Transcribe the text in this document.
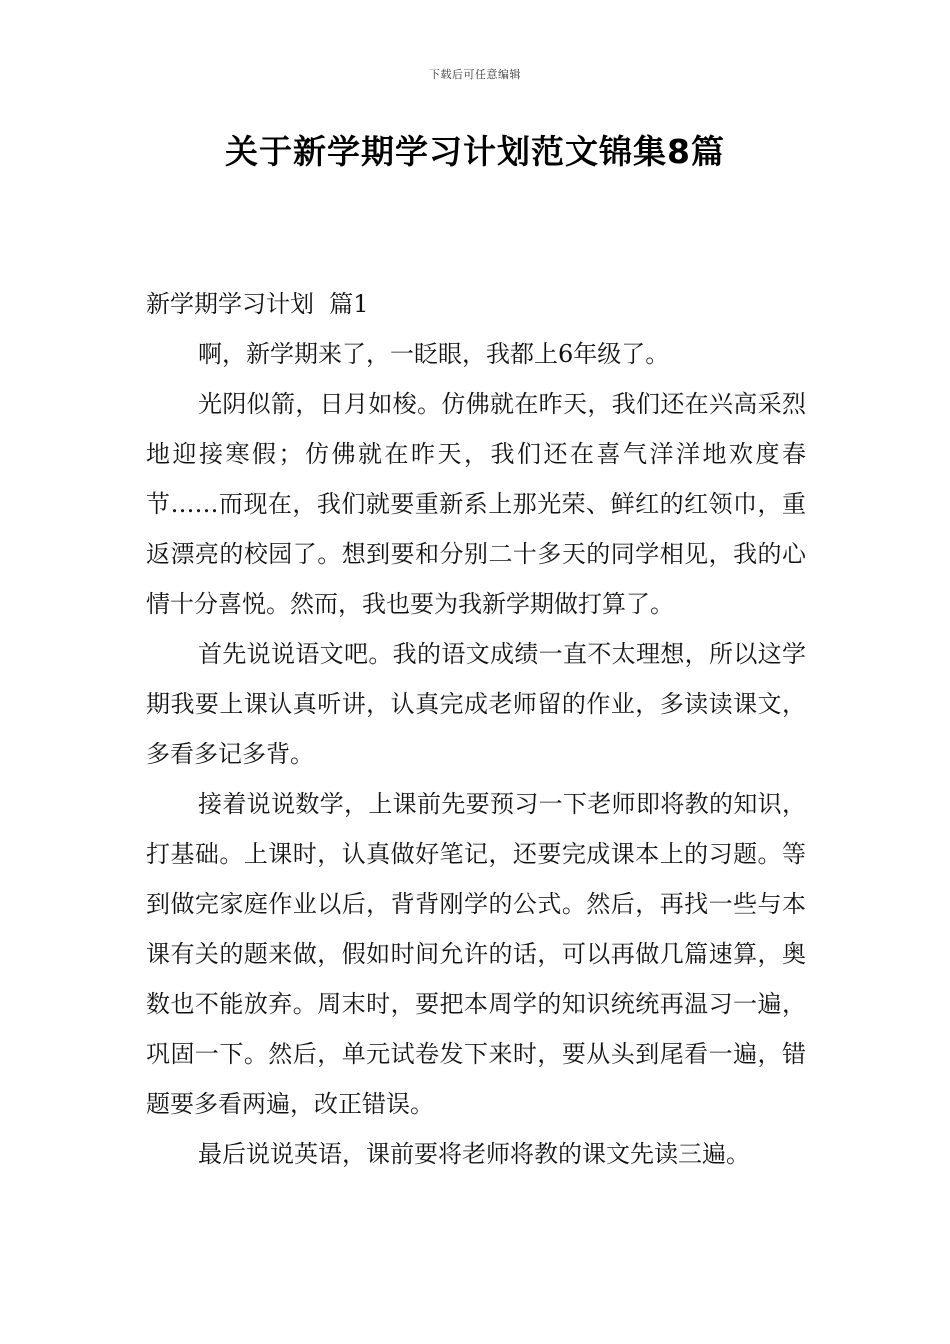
下载后可任意编辑
关于新学期学习计划范文锦集8篇

新学期学习计划  篇1

啊，新学期来了，一眨眼，我都上6年级了。

光阴似箭，日月如梭。仿佛就在昨天，我们还在兴高采烈地迎接寒假；仿佛就在昨天，我们还在喜气洋洋地欢度春节……而现在，我们就要重新系上那光荣、鲜红的红领巾，重返漂亮的校园了。想到要和分别二十多天的同学相见，我的心情十分喜悦。然而，我也要为我新学期做打算了。

首先说说语文吧。我的语文成绩一直不太理想，所以这学期我要上课认真听讲，认真完成老师留的作业，多读读课文，多看多记多背。

接着说说数学，上课前先要预习一下老师即将教的知识，打基础。上课时，认真做好笔记，还要完成课本上的习题。等到做完家庭作业以后，背背刚学的公式。然后，再找一些与本课有关的题来做，假如时间允许的话，可以再做几篇速算，奥数也不能放弃。周末时，要把本周学的知识统统再温习一遍，巩固一下。然后，单元试卷发下来时，要从头到尾看一遍，错题要多看两遍，改正错误。

最后说说英语，课前要将老师将教的课文先读三遍。
